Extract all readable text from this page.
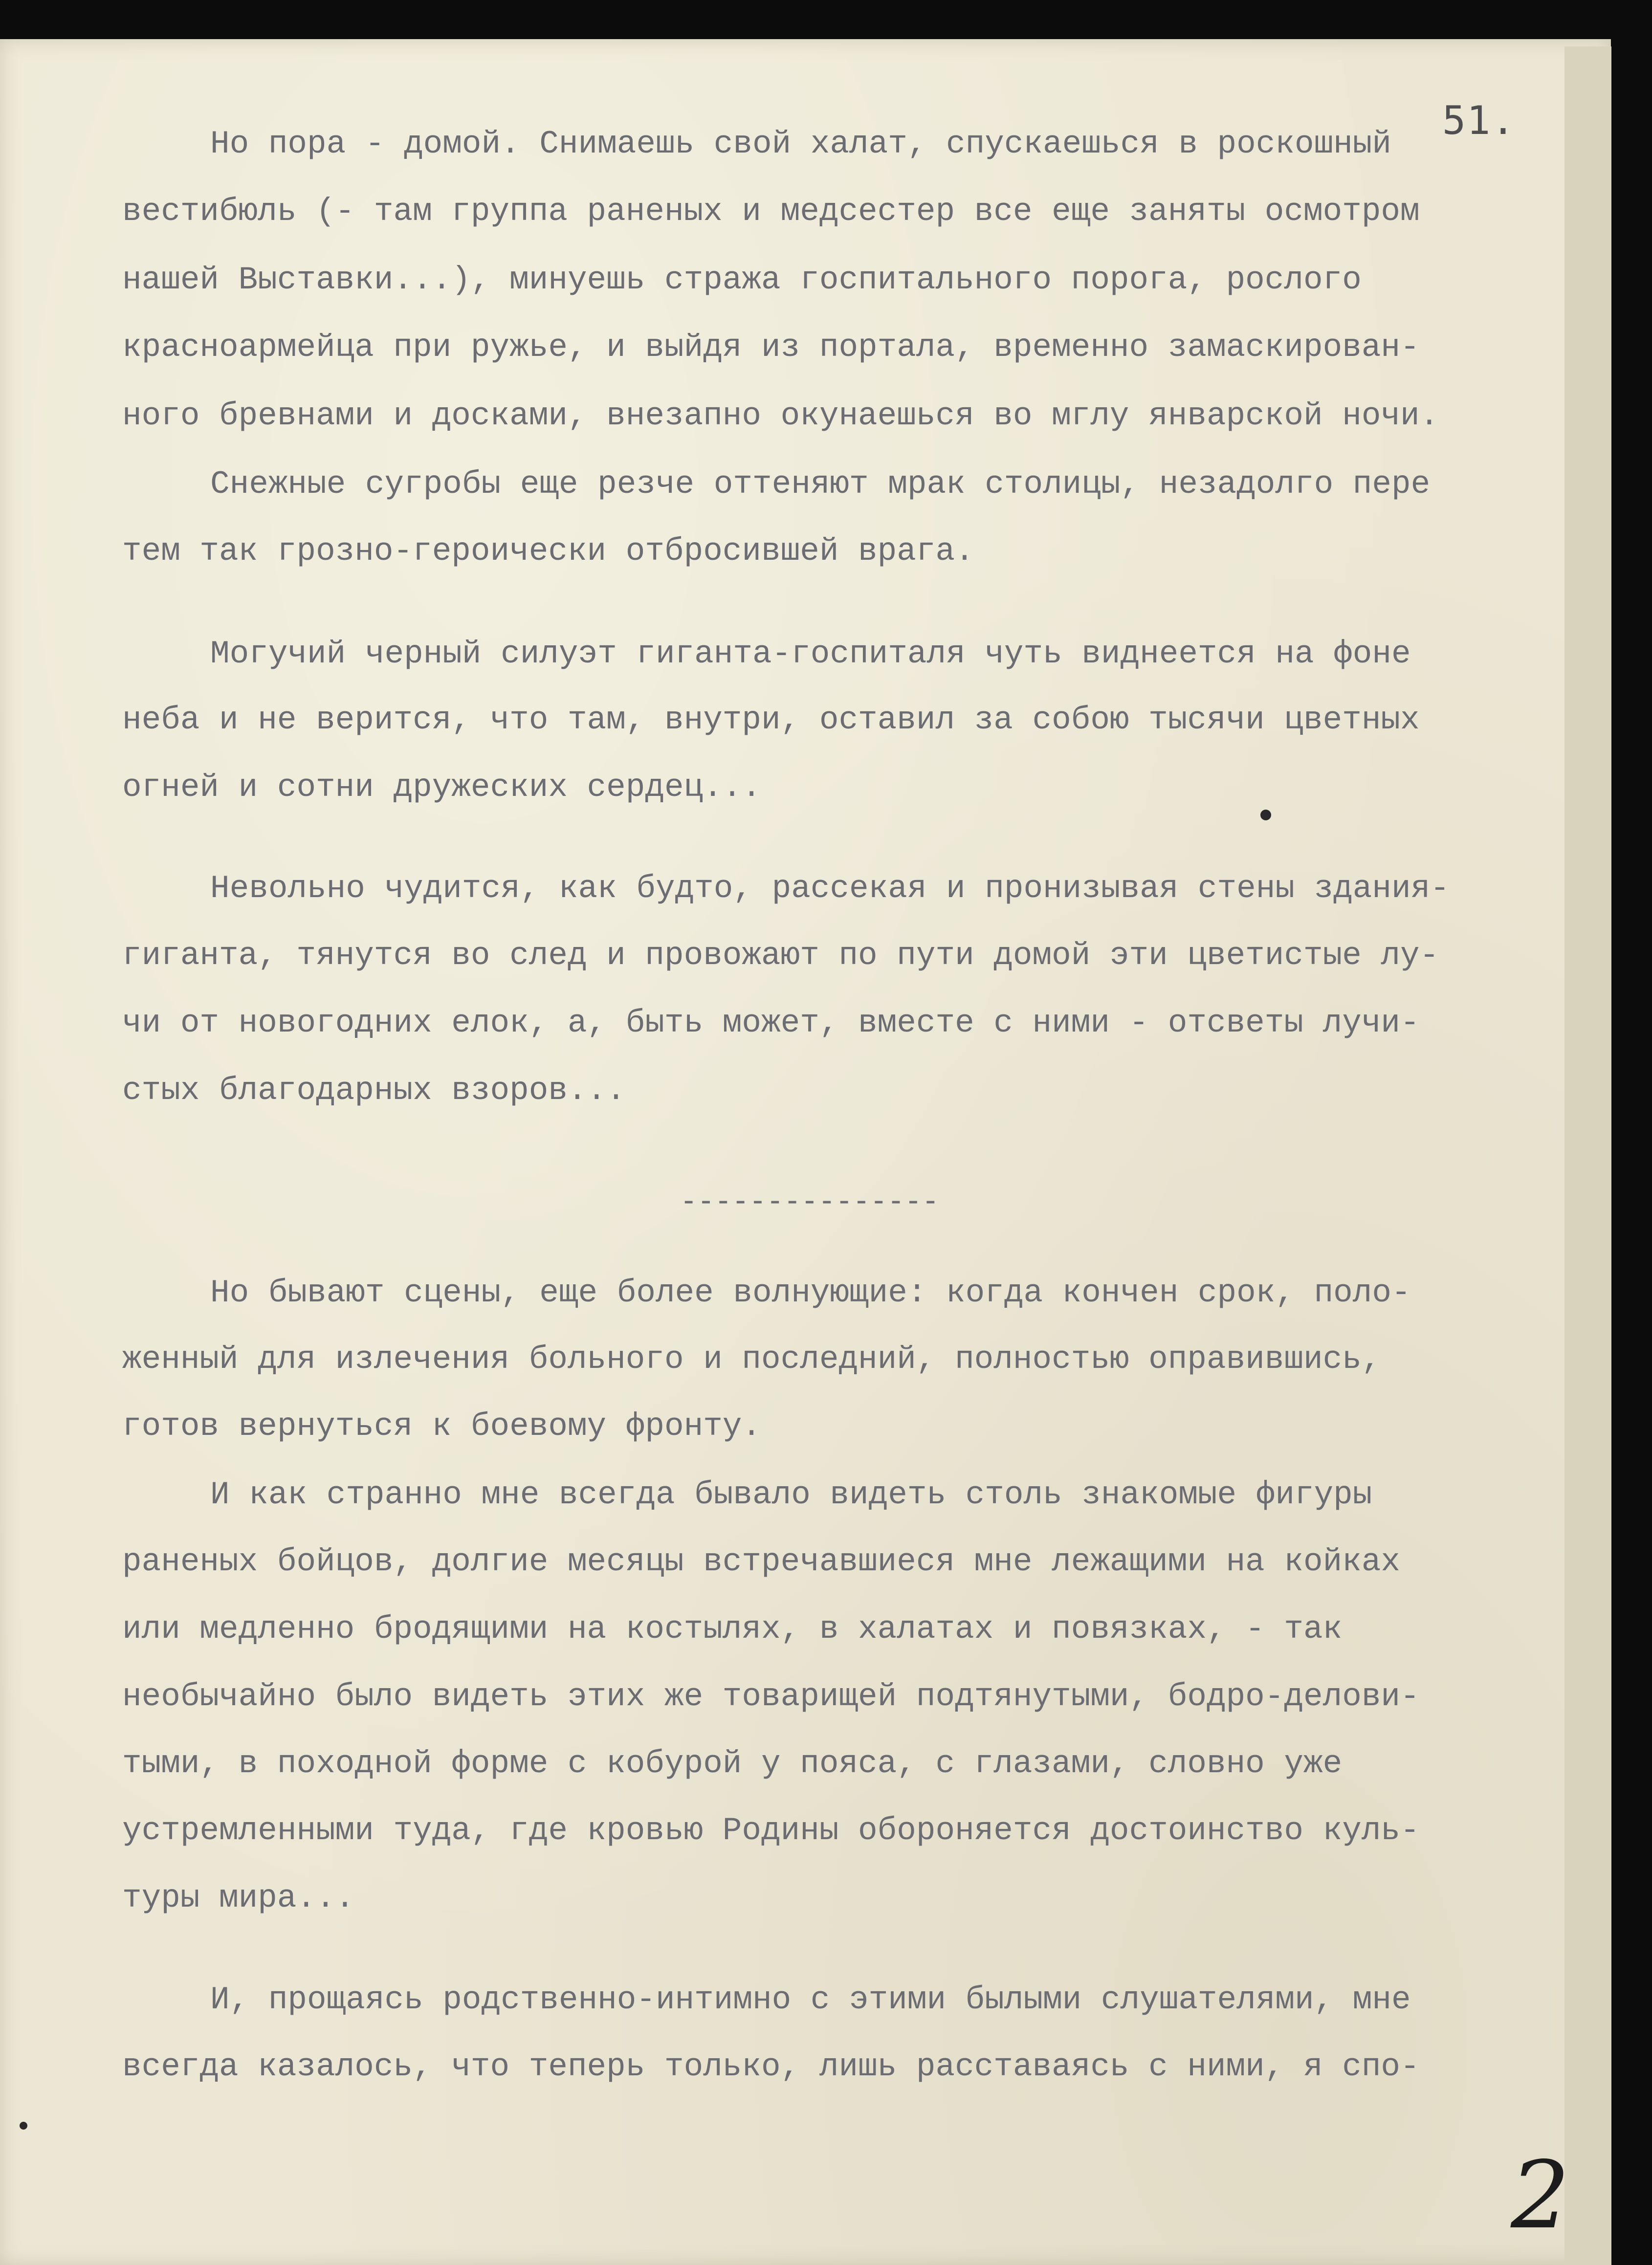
51.
Но пора - домой. Снимаешь свой халат, спускаешься в роскошный
вестибюль (- там группа раненых и медсестер все еще заняты осмотром
нашей Выставки...), минуешь стража госпитального порога, рослого
красноармейца при ружье, и выйдя из портала, временно замаскирован-
ного бревнами и досками, внезапно окунаешься во мглу январской ночи.
Снежные сугробы еще резче оттеняют мрак столицы, незадолго пере
тем так грозно-героически отбросившей врага.
Могучий черный силуэт гиганта-госпиталя чуть виднеется на фоне
неба и не верится, что там, внутри, оставил за собою тысячи цветных
огней и сотни дружеских сердец...
Невольно чудится, как будто, рассекая и пронизывая стены здания-
гиганта, тянутся во след и провожают по пути домой эти цветистые лу-
чи от новогодних елок, а, быть может, вместе с ними - отсветы лучи-
стых благодарных взоров...
---------------
Но бывают сцены, еще более волнующие: когда кончен срок, поло-
женный для излечения больного и последний, полностью оправившись,
готов вернуться к боевому фронту.
И как странно мне всегда бывало видеть столь знакомые фигуры
раненых бойцов, долгие месяцы встречавшиеся мне лежащими на койках
или медленно бродящими на костылях, в халатах и повязках, - так
необычайно было видеть этих же товарищей подтянутыми, бодро-делови-
тыми, в походной форме с кобурой у пояса, с глазами, словно уже
устремленными туда, где кровью Родины обороняется достоинство куль-
туры мира...
И, прощаясь родственно-интимно с этими былыми слушателями, мне
всегда казалось, что теперь только, лишь расставаясь с ними, я спо-
2
